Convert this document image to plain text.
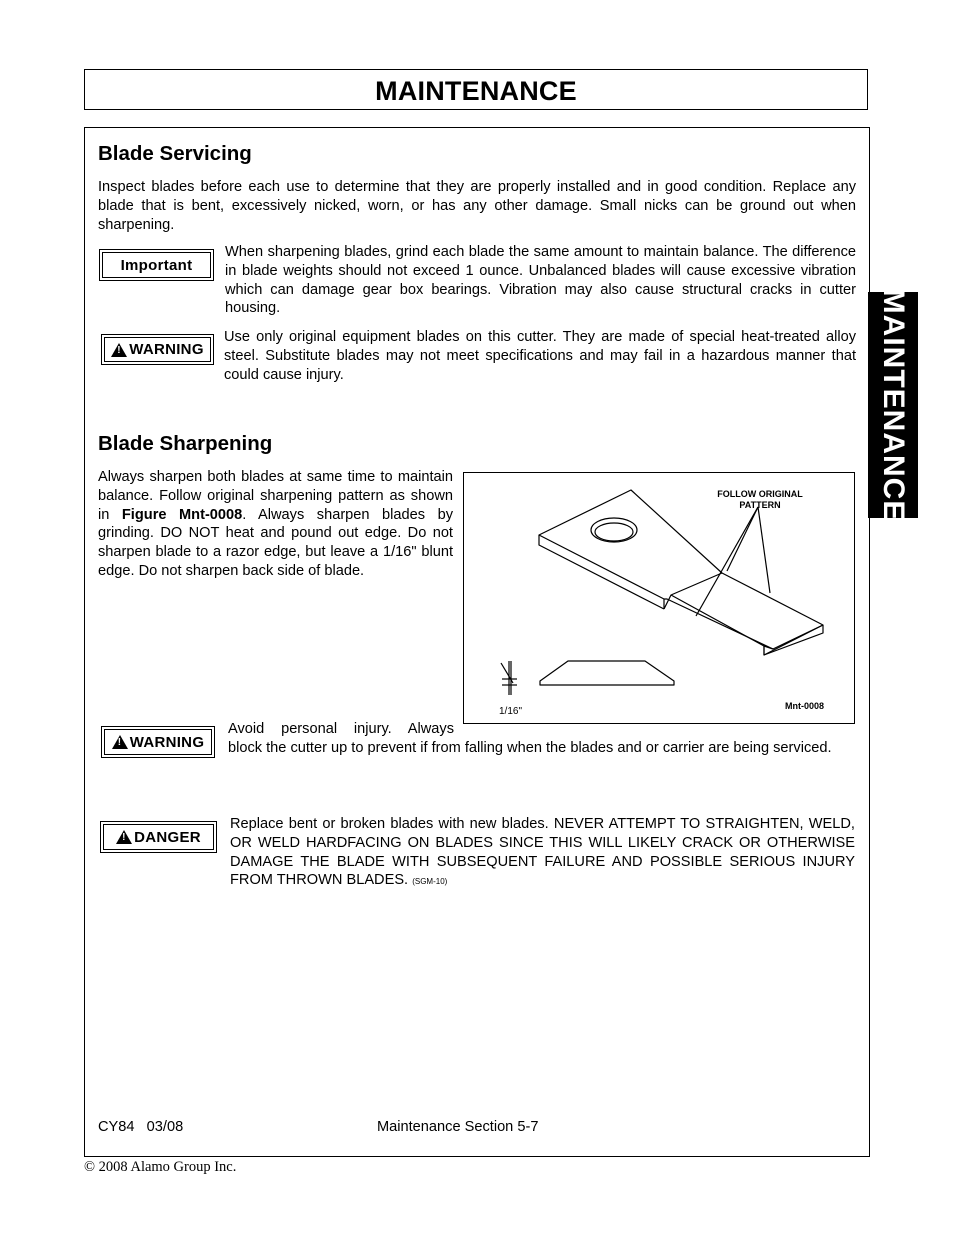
MAINTENANCE
MAINTENANCE
Blade Servicing
Inspect blades before each use to determine that they are properly installed and in good condition. Replace any blade that is bent, excessively nicked, worn, or has any other damage. Small nicks can be ground out when sharpening.
Important
When sharpening blades, grind each blade the same amount to maintain balance. The difference in blade weights should not exceed 1 ounce. Unbalanced blades will cause excessive vibration which can damage gear box bearings. Vibration may also cause structural cracks in cutter housing.
!
WARNING
Use only original equipment blades on this cutter. They are made of special heat-treated alloy steel. Substitute blades may not meet specifications and may fail in a hazardous manner that could cause injury.
Blade Sharpening
Always sharpen both blades at same time to maintain balance. Follow original sharpening pattern as shown in Figure Mnt-0008. Always sharpen blades by grinding. DO NOT heat and pound out edge. Do not sharpen blade to a razor edge, but leave a 1/16" blunt edge. Do not sharpen back side of blade.
FOLLOW ORIGINAL
PATTERN
1/16"	Mnt-0008
!
WARNING
Avoid personal injury. Always
block the cutter up to prevent if from falling when the blades and or carrier are being serviced.
!
DANGER
Replace bent or broken blades with new blades. NEVER ATTEMPT TO STRAIGHTEN, WELD, OR WELD HARDFACING ON BLADES SINCE THIS WILL LIKELY CRACK OR OTHERWISE DAMAGE THE BLADE WITH SUBSEQUENT FAILURE AND POSSIBLE SERIOUS INJURY FROM THROWN BLADES. (SGM-10)
CY84   03/08	Maintenance Section 5-7
© 2008 Alamo Group Inc.
